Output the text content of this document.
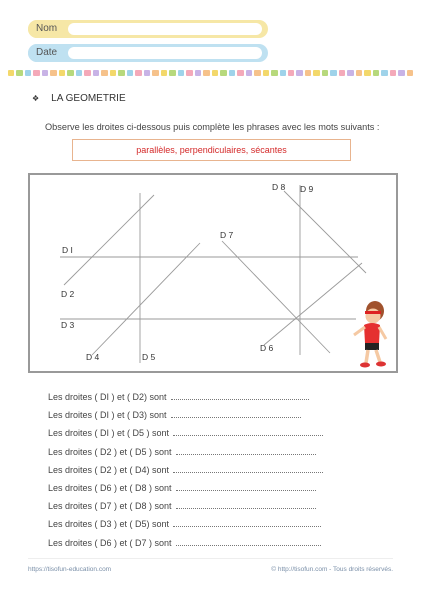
Nom
Date
❖ LA GEOMETRIE
Observe les droites ci-dessous puis complète les phrases avec les mots suivants :
parallèles, perpendiculaires, sécantes
D 8 D 9
D 7
D I
D 2
D 3
D 4	D 5
D 6
Les droites ( DI ) et ( D2) sont
Les droites ( DI ) et ( D3) sont
Les droites ( DI ) et ( D5 ) sont
Les droites ( D2 ) et ( D5 ) sont
Les droites ( D2 ) et ( D4) sont
Les droites ( D6 ) et ( D8 ) sont
Les droites ( D7 ) et ( D8 ) sont
Les droites ( D3 ) et ( D5) sont
Les droites ( D6 ) et ( D7 ) sont
https://tisofun-education.com	© http://tisofun.com - Tous droits réservés.
